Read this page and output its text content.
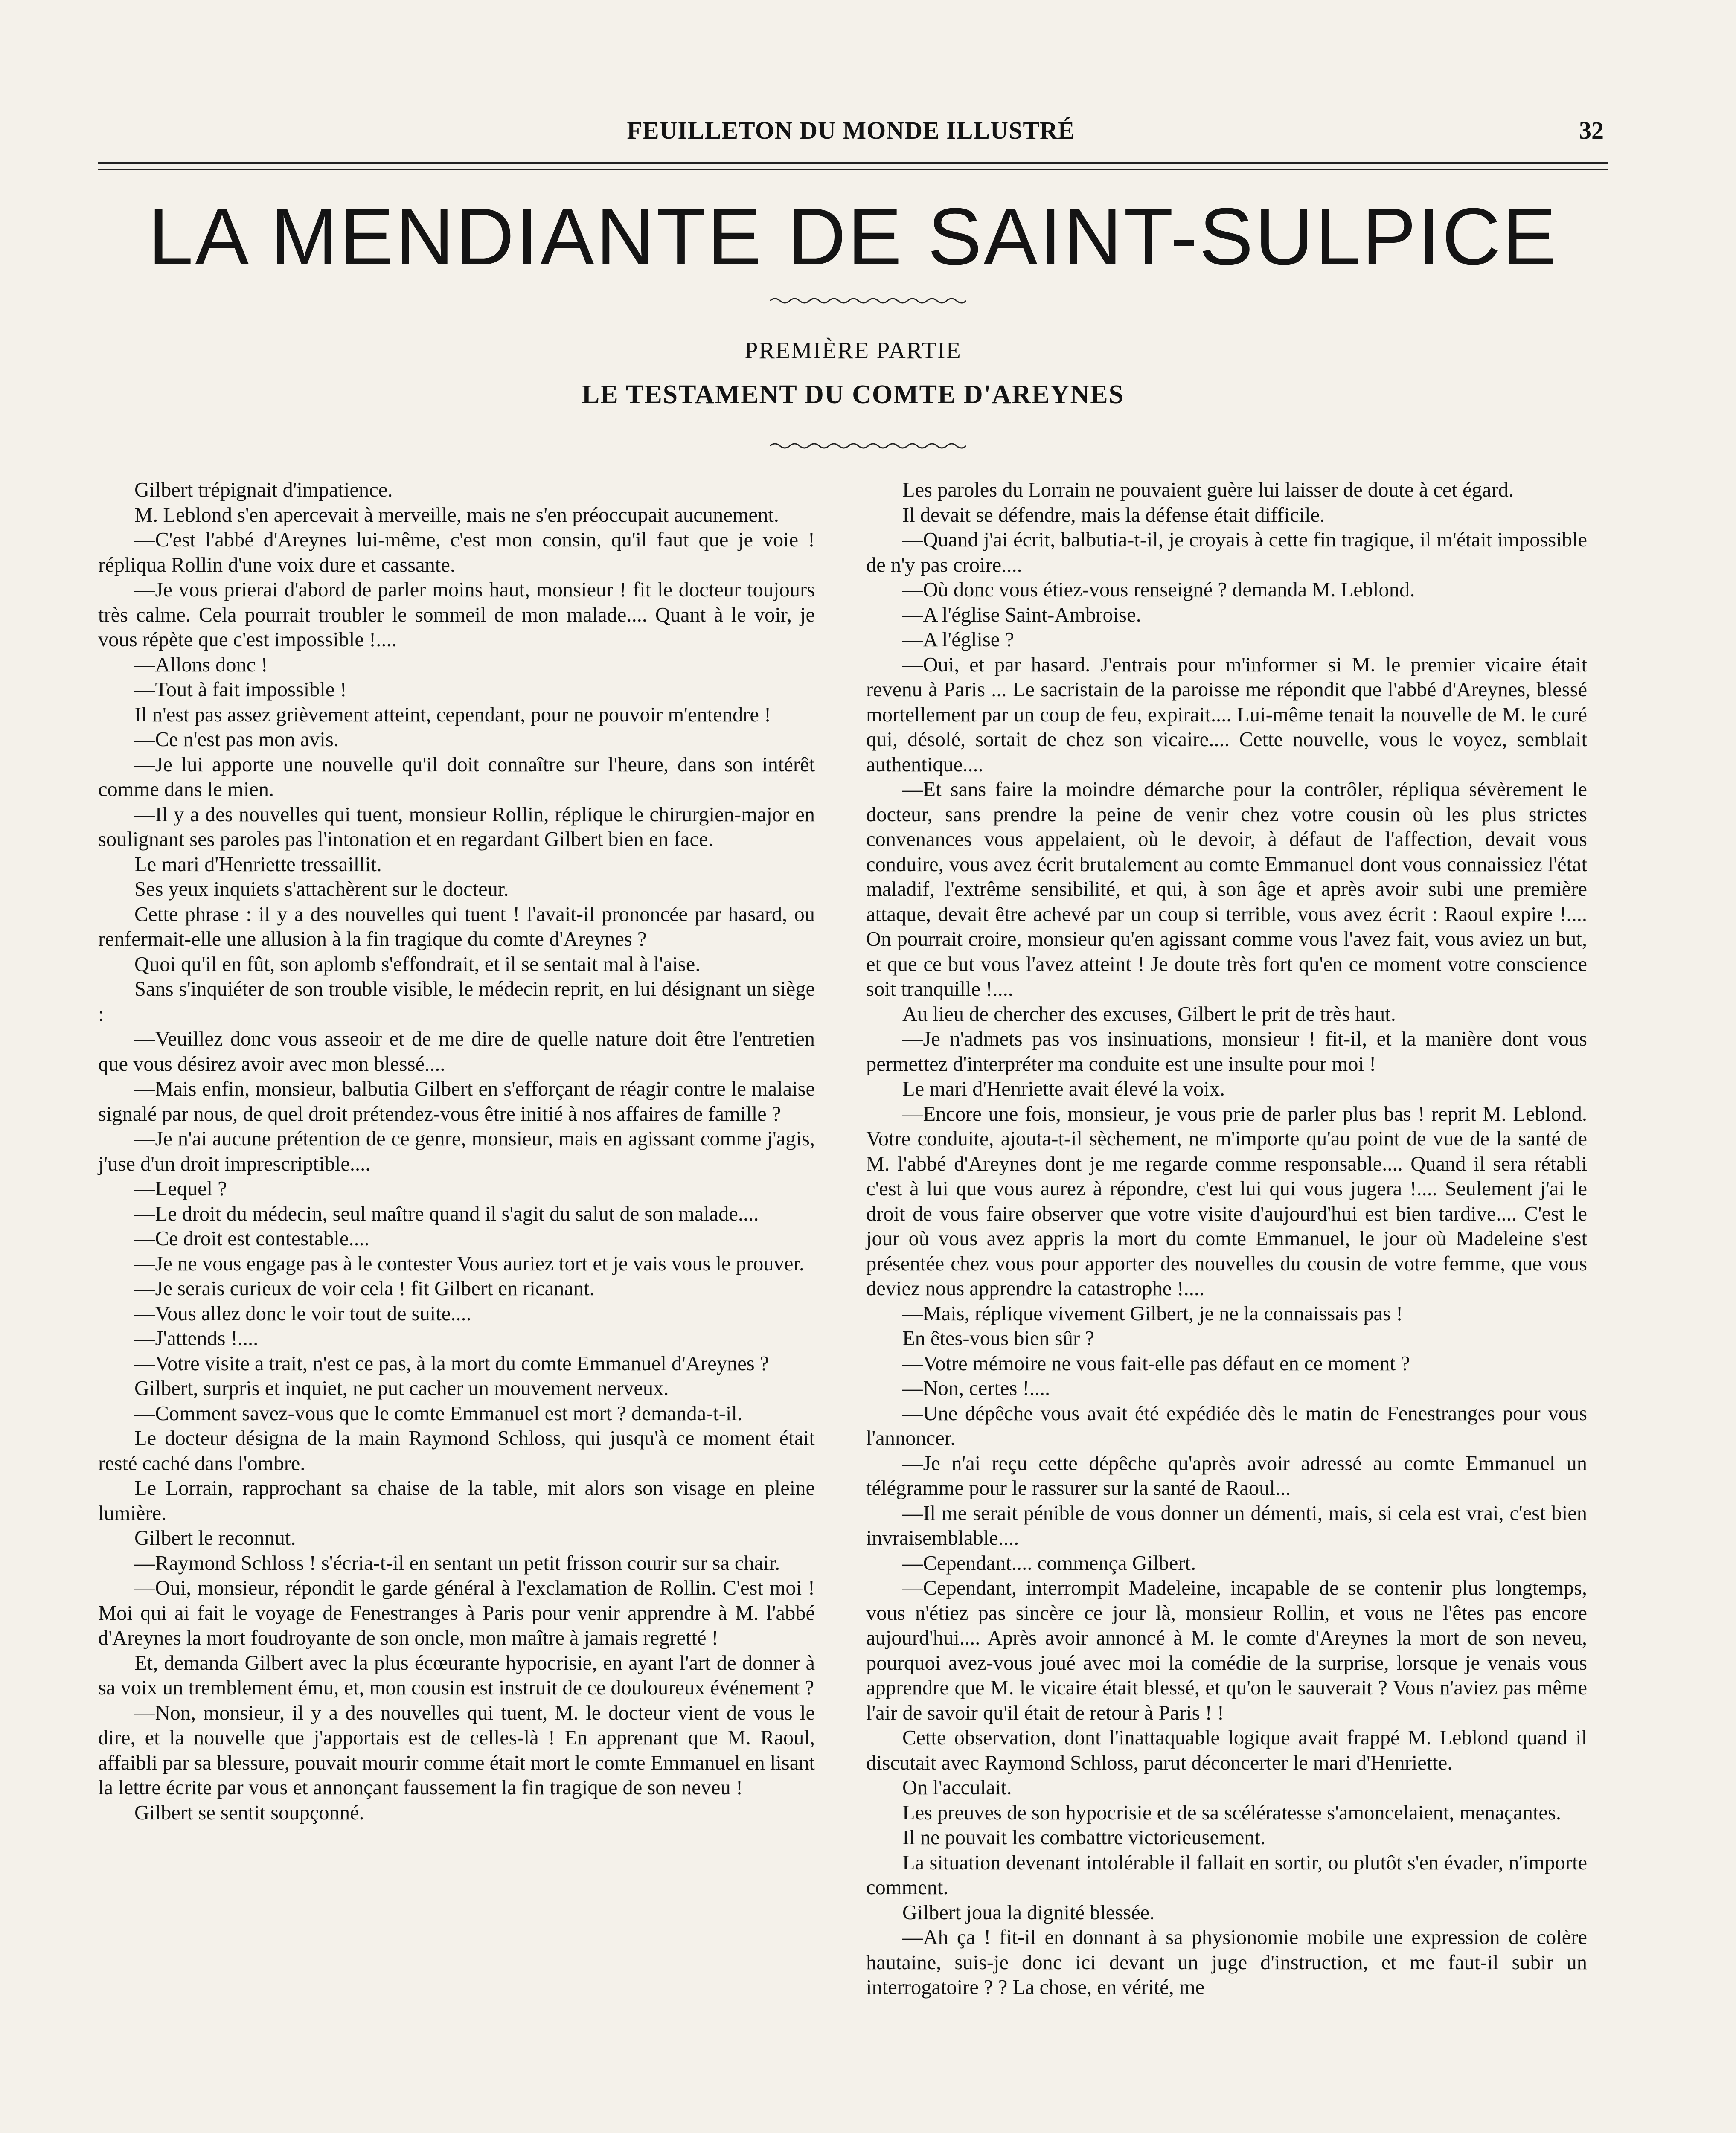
FEUILLETON DU MONDE ILLUSTRÉ	32
LA MENDIANTE DE SAINT-SULPICE
PREMIÈRE PARTIE
LE TESTAMENT DU COMTE D'AREYNES

Gilbert trépignait d'impatience.

M. Leblond s'en apercevait à merveille, mais ne s'en préoccupait aucunement.

—C'est l'abbé d'Areynes lui-même, c'est mon consin, qu'il faut que je voie ! répliqua Rollin d'une voix dure et cassante.

—Je vous prierai d'abord de parler moins haut, monsieur ! fit le docteur toujours très calme. Cela pourrait troubler le sommeil de mon malade.... Quant à le voir, je vous répète que c'est impossible !....

—Allons donc !

—Tout à fait impossible !

Il n'est pas assez grièvement atteint, cependant, pour ne pouvoir m'entendre !

—Ce n'est pas mon avis.

—Je lui apporte une nouvelle qu'il doit connaître sur l'heure, dans son intérêt comme dans le mien.

—Il y a des nouvelles qui tuent, monsieur Rollin, réplique le chirurgien-major en soulignant ses paroles pas l'intonation et en regardant Gilbert bien en face.

Le mari d'Henriette tressaillit.

Ses yeux inquiets s'attachèrent sur le docteur.

Cette phrase : il y a des nouvelles qui tuent ! l'avait-il prononcée par hasard, ou renfermait-elle une allusion à la fin tragique du comte d'Areynes ?

Quoi qu'il en fût, son aplomb s'effondrait, et il se sentait mal à l'aise.

Sans s'inquiéter de son trouble visible, le médecin reprit, en lui désignant un siège :

—Veuillez donc vous asseoir et de me dire de quelle nature doit être l'entretien que vous désirez avoir avec mon blessé....

—Mais enfin, monsieur, balbutia Gilbert en s'efforçant de réagir contre le malaise signalé par nous, de quel droit prétendez-vous être initié à nos affaires de famille ?

—Je n'ai aucune prétention de ce genre, monsieur, mais en agissant comme j'agis, j'use d'un droit imprescriptible....

—Lequel ?

—Le droit du médecin, seul maître quand il s'agit du salut de son malade....

—Ce droit est contestable....

—Je ne vous engage pas à le contester Vous auriez tort et je vais vous le prouver.

—Je serais curieux de voir cela ! fit Gilbert en ricanant.

—Vous allez donc le voir tout de suite....

—J'attends !....

—Votre visite a trait, n'est ce pas, à la mort du comte Emmanuel d'Areynes ?

Gilbert, surpris et inquiet, ne put cacher un mouvement nerveux.

—Comment savez-vous que le comte Emmanuel est mort ? demanda-t-il.

Le docteur désigna de la main Raymond Schloss, qui jusqu'à ce moment était resté caché dans l'ombre.

Le Lorrain, rapprochant sa chaise de la table, mit alors son visage en pleine lumière.

Gilbert le reconnut.

—Raymond Schloss ! s'écria-t-il en sentant un petit frisson courir sur sa chair.

—Oui, monsieur, répondit le garde général à l'exclamation de Rollin. C'est moi ! Moi qui ai fait le voyage de Fenestranges à Paris pour venir apprendre à M. l'abbé d'Areynes la mort foudroyante de son oncle, mon maître à jamais regretté !

Et, demanda Gilbert avec la plus écœurante hypocrisie, en ayant l'art de donner à sa voix un tremblement ému, et, mon cousin est instruit de ce douloureux événement ?

—Non, monsieur, il y a des nouvelles qui tuent, M. le docteur vient de vous le dire, et la nouvelle que j'apportais est de celles-là ! En apprenant que M. Raoul, affaibli par sa blessure, pouvait mourir comme était mort le comte Emmanuel en lisant la lettre écrite par vous et annonçant faussement la fin tragique de son neveu !

Gilbert se sentit soupçonné.

Les paroles du Lorrain ne pouvaient guère lui laisser de doute à cet égard.

Il devait se défendre, mais la défense était difficile.

—Quand j'ai écrit, balbutia-t-il, je croyais à cette fin tragique, il m'était impossible de n'y pas croire....

—Où donc vous étiez-vous renseigné ? demanda M. Leblond.

—A l'église Saint-Ambroise.

—A l'église ?

—Oui, et par hasard. J'entrais pour m'informer si M. le premier vicaire était revenu à Paris ... Le sacristain de la paroisse me répondit que l'abbé d'Areynes, blessé mortellement par un coup de feu, expirait.... Lui-même tenait la nouvelle de M. le curé qui, désolé, sortait de chez son vicaire.... Cette nouvelle, vous le voyez, semblait authentique....

—Et sans faire la moindre démarche pour la contrôler, répliqua sévèrement le docteur, sans prendre la peine de venir chez votre cousin où les plus strictes convenances vous appelaient, où le devoir, à défaut de l'affection, devait vous conduire, vous avez écrit brutalement au comte Emmanuel dont vous connaissiez l'état maladif, l'extrême sensibilité, et qui, à son âge et après avoir subi une première attaque, devait être achevé par un coup si terrible, vous avez écrit : Raoul expire !.... On pourrait croire, monsieur qu'en agissant comme vous l'avez fait, vous aviez un but, et que ce but vous l'avez atteint ! Je doute très fort qu'en ce moment votre conscience soit tranquille !....

Au lieu de chercher des excuses, Gilbert le prit de très haut.

—Je n'admets pas vos insinuations, monsieur ! fit-il, et la manière dont vous permettez d'interpréter ma conduite est une insulte pour moi !

Le mari d'Henriette avait élevé la voix.

—Encore une fois, monsieur, je vous prie de parler plus bas ! reprit M. Leblond. Votre conduite, ajouta-t-il sèchement, ne m'importe qu'au point de vue de la santé de M. l'abbé d'Areynes dont je me regarde comme responsable.... Quand il sera rétabli c'est à lui que vous aurez à répondre, c'est lui qui vous jugera !.... Seulement j'ai le droit de vous faire observer que votre visite d'aujourd'hui est bien tardive.... C'est le jour où vous avez appris la mort du comte Emmanuel, le jour où Madeleine s'est présentée chez vous pour apporter des nouvelles du cousin de votre femme, que vous deviez nous apprendre la catastrophe !....

—Mais, réplique vivement Gilbert, je ne la connaissais pas !

En êtes-vous bien sûr ?

—Votre mémoire ne vous fait-elle pas défaut en ce moment ?

—Non, certes !....

—Une dépêche vous avait été expédiée dès le matin de Fenestranges pour vous l'annoncer.

—Je n'ai reçu cette dépêche qu'après avoir adressé au comte Emmanuel un télégramme pour le rassurer sur la santé de Raoul...

—Il me serait pénible de vous donner un démenti, mais, si cela est vrai, c'est bien invraisemblable....

—Cependant.... commença Gilbert.

—Cependant, interrompit Madeleine, incapable de se contenir plus longtemps, vous n'étiez pas sincère ce jour là, monsieur Rollin, et vous ne l'êtes pas encore aujourd'hui.... Après avoir annoncé à M. le comte d'Areynes la mort de son neveu, pourquoi avez-vous joué avec moi la comédie de la surprise, lorsque je venais vous apprendre que M. le vicaire était blessé, et qu'on le sauverait ? Vous n'aviez pas même l'air de savoir qu'il était de retour à Paris ! !

Cette observation, dont l'inattaquable logique avait frappé M. Leblond quand il discutait avec Raymond Schloss, parut déconcerter le mari d'Henriette.

On l'acculait.

Les preuves de son hypocrisie et de sa scélératesse s'amoncelaient, menaçantes.

Il ne pouvait les combattre victorieusement.

La situation devenant intolérable il fallait en sortir, ou plutôt s'en évader, n'importe comment.

Gilbert joua la dignité blessée.

—Ah ça ! fit-il en donnant à sa physionomie mobile une expression de colère hautaine, suis-je donc ici devant un juge d'instruction, et me faut-il subir un interrogatoire ? ? La chose, en vérité, me
